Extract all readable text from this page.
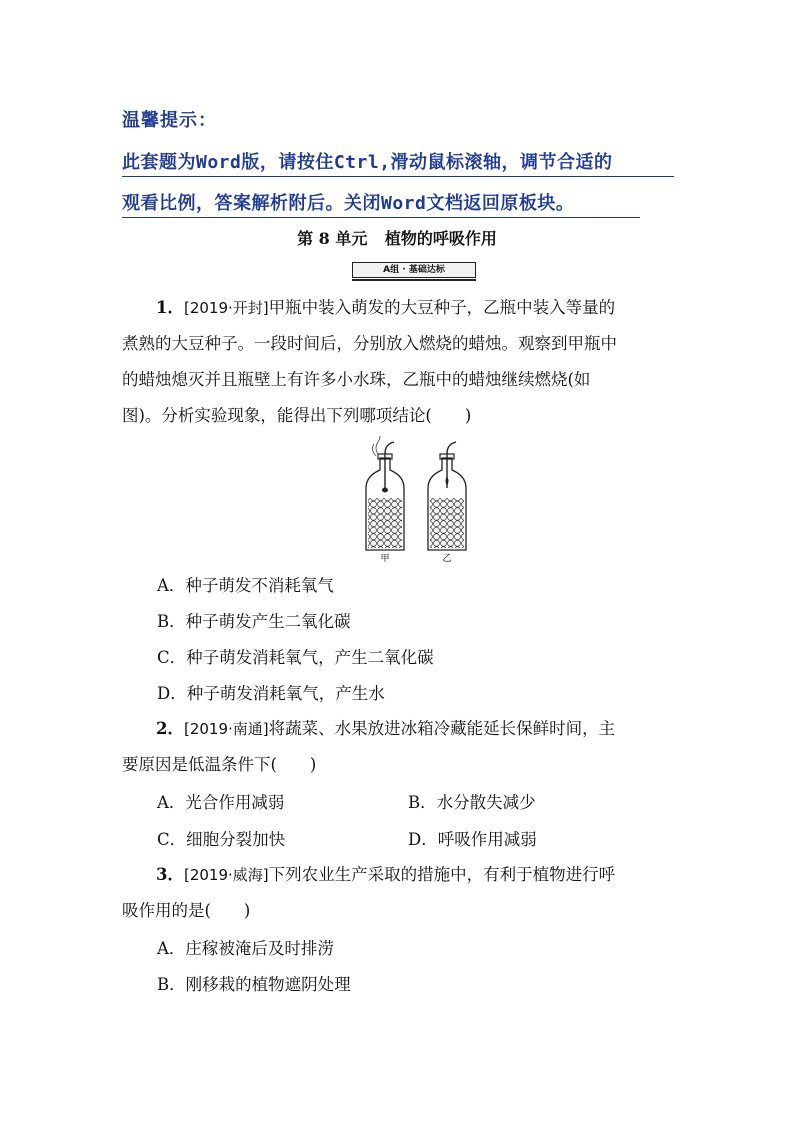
温馨提示：
此套题为Word版，请按住Ctrl,滑动鼠标滚轴，调节合适的
观看比例，答案解析附后。关闭Word文档返回原板块。
第 8 单元 植物的呼吸作用
A组 · 基础达标
1．[2019·开封]甲瓶中装入萌发的大豆种子，乙瓶中装入等量的
煮熟的大豆种子。一段时间后，分别放入燃烧的蜡烛。观察到甲瓶中
的蜡烛熄灭并且瓶壁上有许多小水珠，乙瓶中的蜡烛继续燃烧(如
图)。分析实验现象，能得出下列哪项结论(　　)
甲	乙
A．种子萌发不消耗氧气
B．种子萌发产生二氧化碳
C．种子萌发消耗氧气，产生二氧化碳
D．种子萌发消耗氧气，产生水
2．[2019·南通]将蔬菜、水果放进冰箱冷藏能延长保鲜时间，主
要原因是低温条件下(　　)
A．光合作用减弱	B．水分散失减少
C．细胞分裂加快	D．呼吸作用减弱
3．[2019·威海]下列农业生产采取的措施中，有利于植物进行呼
吸作用的是(　　)
A．庄稼被淹后及时排涝
B．刚移栽的植物遮阴处理
